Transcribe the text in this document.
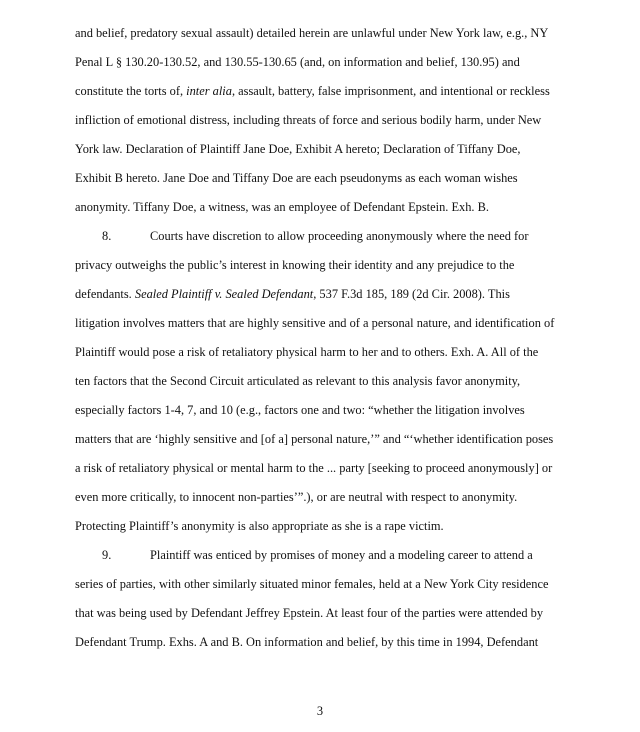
and belief, predatory sexual assault) detailed herein are unlawful under New York law, e.g., NY
Penal L § 130.20-130.52, and 130.55-130.65 (and, on information and belief, 130.95) and
constitute the torts of, inter alia, assault, battery, false imprisonment, and intentional or reckless
infliction of emotional distress, including threats of force and serious bodily harm, under New
York law. Declaration of Plaintiff Jane Doe, Exhibit A hereto; Declaration of Tiffany Doe,
Exhibit B hereto. Jane Doe and Tiffany Doe are each pseudonyms as each woman wishes
anonymity. Tiffany Doe, a witness, was an employee of Defendant Epstein. Exh. B.
8.	Courts have discretion to allow proceeding anonymously where the need for
privacy outweighs the public’s interest in knowing their identity and any prejudice to the
defendants. Sealed Plaintiff v. Sealed Defendant, 537 F.3d 185, 189 (2d Cir. 2008). This
litigation involves matters that are highly sensitive and of a personal nature, and identification of
Plaintiff would pose a risk of retaliatory physical harm to her and to others. Exh. A. All of the
ten factors that the Second Circuit articulated as relevant to this analysis favor anonymity,
especially factors 1-4, 7, and 10 (e.g., factors one and two: “whether the litigation involves
matters that are ‘highly sensitive and [of a] personal nature,’” and “‘whether identification poses
a risk of retaliatory physical or mental harm to the ... party [seeking to proceed anonymously] or
even more critically, to innocent non-parties’”.), or are neutral with respect to anonymity.
Protecting Plaintiff’s anonymity is also appropriate as she is a rape victim.
9.	Plaintiff was enticed by promises of money and a modeling career to attend a
series of parties, with other similarly situated minor females, held at a New York City residence
that was being used by Defendant Jeffrey Epstein. At least four of the parties were attended by
Defendant Trump. Exhs. A and B. On information and belief, by this time in 1994, Defendant
3
